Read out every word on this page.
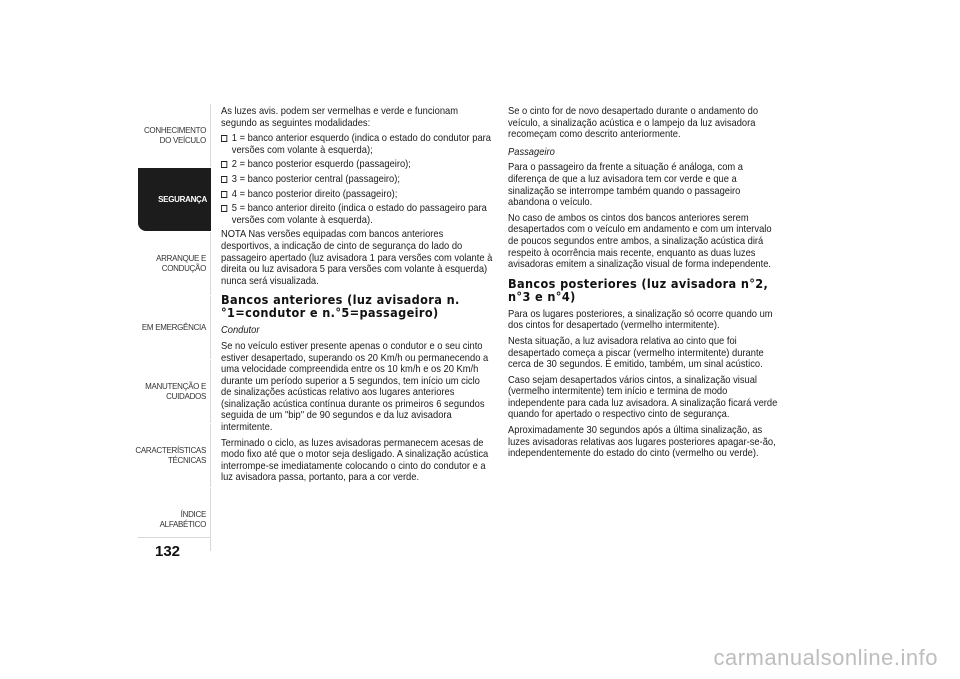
CONHECIMENTO DO VEÍCULO
SEGURANÇA
ARRANQUE E CONDUÇÃO
EM EMERGÊNCIA
MANUTENÇÃO E CUIDADOS
CARACTERÍSTICAS TÉCNICAS
ÍNDICE ALFABÉTICO
132

As luzes avis. podem ser vermelhas e verde e funcionam segundo as seguintes modalidades:

1 = banco anterior esquerdo (indica o estado do condutor para versões com volante à esquerda);
2 = banco posterior esquerdo (passageiro);
3 = banco posterior central (passageiro);
4 = banco posterior direito (passageiro);
5 = banco anterior direito (indica o estado do passageiro para versões com volante à esquerda).

NOTA Nas versões equipadas com bancos anteriores desportivos, a indicação de cinto de segurança do lado do passageiro apertado (luz avisadora 1 para versões com volante à direita ou luz avisadora 5 para versões com volante à esquerda) nunca será visualizada.

Bancos anteriores (luz avisadora n.°1=condutor e n.°5=passageiro)
Condutor

Se no veículo estiver presente apenas o condutor e o seu cinto estiver desapertado, superando os 20 Km/h ou permanecendo a uma velocidade compreendida entre os 10 km/h e os 20 Km/h durante um período superior a 5 segundos, tem início um ciclo de sinalizações acústicas relativo aos lugares anteriores (sinalização acústica contínua durante os primeiros 6 segundos seguida de um "bip" de 90 segundos e da luz avisadora intermitente.

Terminado o ciclo, as luzes avisadoras permanecem acesas de modo fixo até que o motor seja desligado. A sinalização acústica interrompe-se imediatamente colocando o cinto do condutor e a luz avisadora passa, portanto, para a cor verde.

Se o cinto for de novo desapertado durante o andamento do veículo, a sinalização acústica e o lampejo da luz avisadora recomeçam como descrito anteriormente.

Passageiro

Para o passageiro da frente a situação é análoga, com a diferença de que a luz avisadora tem cor verde e que a sinalização se interrompe também quando o passageiro abandona o veículo.

No caso de ambos os cintos dos bancos anteriores serem desapertados com o veículo em andamento e com um intervalo de poucos segundos entre ambos, a sinalização acústica dirá respeito à ocorrência mais recente, enquanto as duas luzes avisadoras emitem a sinalização visual de forma independente.

Bancos posteriores (luz avisadora n°2, n°3 e n°4)

Para os lugares posteriores, a sinalização só ocorre quando um dos cintos for desapertado (vermelho intermitente).

Nesta situação, a luz avisadora relativa ao cinto que foi desapertado começa a piscar (vermelho intermitente) durante cerca de 30 segundos. É emitido, também, um sinal acústico.

Caso sejam desapertados vários cintos, a sinalização visual (vermelho intermitente) tem início e termina de modo independente para cada luz avisadora. A sinalização ficará verde quando for apertado o respectivo cinto de segurança.

Aproximadamente 30 segundos após a última sinalização, as luzes avisadoras relativas aos lugares posteriores apagar-se-ão, independentemente do estado do cinto (vermelho ou verde).

carmanualsonline.info
